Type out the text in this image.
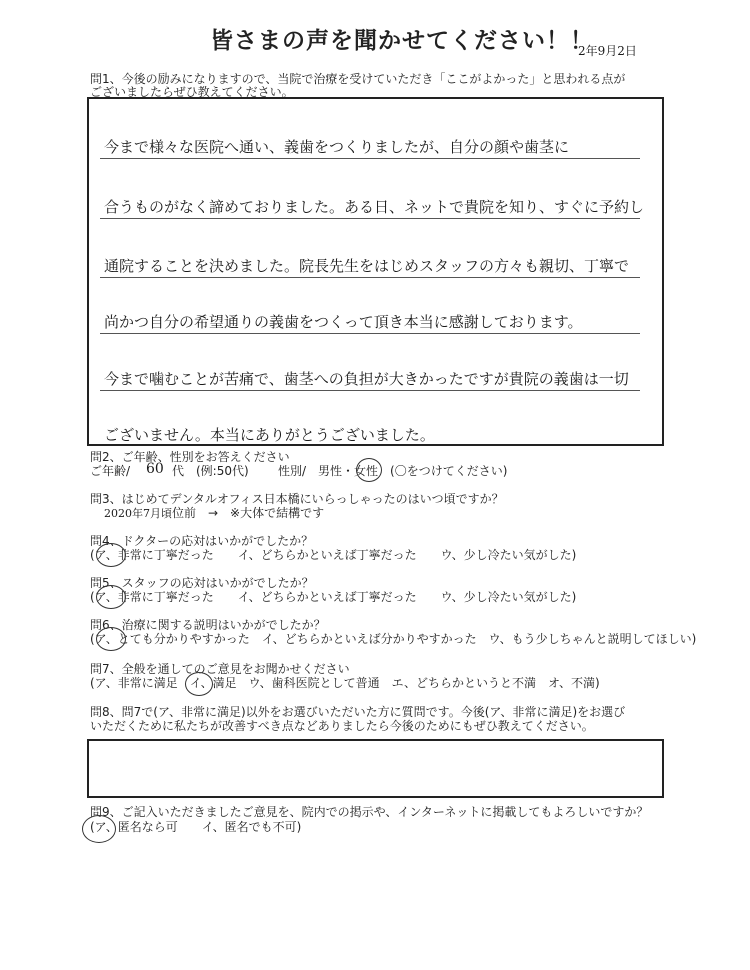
皆さまの声を聞かせてください！！
2年9月2日
問1、今後の励みになりますので、当院で治療を受けていただき「ここがよかった」と思われる点が
ございましたらぜひ教えてください。
今まで様々な医院へ通い、義歯をつくりましたが、自分の顔や歯茎に
合うものがなく諦めておりました。ある日、ネットで貴院を知り、すぐに予約し
通院することを決めました。院長先生をはじめスタッフの方々も親切、丁寧で
尚かつ自分の希望通りの義歯をつくって頂き本当に感謝しております。
今まで噛むことが苦痛で、歯茎への負担が大きかったですが貴院の義歯は一切
ございません。本当にありがとうございました。
問2、ご年齢、性別をお答えください
ご年齢/ 60 代　(例:50代) 性別/　男性・女性　(〇をつけてください)
問3、はじめてデンタルオフィス日本橋にいらっしゃったのはいつ頃ですか？
2020年7月頃 位前　→　※大体で結構です
問4、ドクターの応対はいかがでしたか？
(ア、非常に丁寧だった　　イ、どちらかといえば丁寧だった　　ウ、少し冷たい気がした)
問5、スタッフの応対はいかがでしたか？
(ア、非常に丁寧だった　　イ、どちらかといえば丁寧だった　　ウ、少し冷たい気がした)
問6、治療に関する説明はいかがでしたか？
(ア、とても分かりやすかった　イ、どちらかといえば分かりやすかった　ウ、もう少しちゃんと説明してほしい)
問7、全般を通してのご意見をお聞かせください
(ア、非常に満足　イ、満足　ウ、歯科医院として普通　エ、どちらかというと不満　オ、不満)
問8、問7で(ア、非常に満足)以外をお選びいただいた方に質問です。今後(ア、非常に満足)をお選び
いただくために私たちが改善すべき点などありましたら今後のためにもぜひ教えてください。
問9、ご記入いただきましたご意見を、院内での掲示や、インターネットに掲載してもよろしいですか？
(ア、匿名なら可　　イ、匿名でも不可)
